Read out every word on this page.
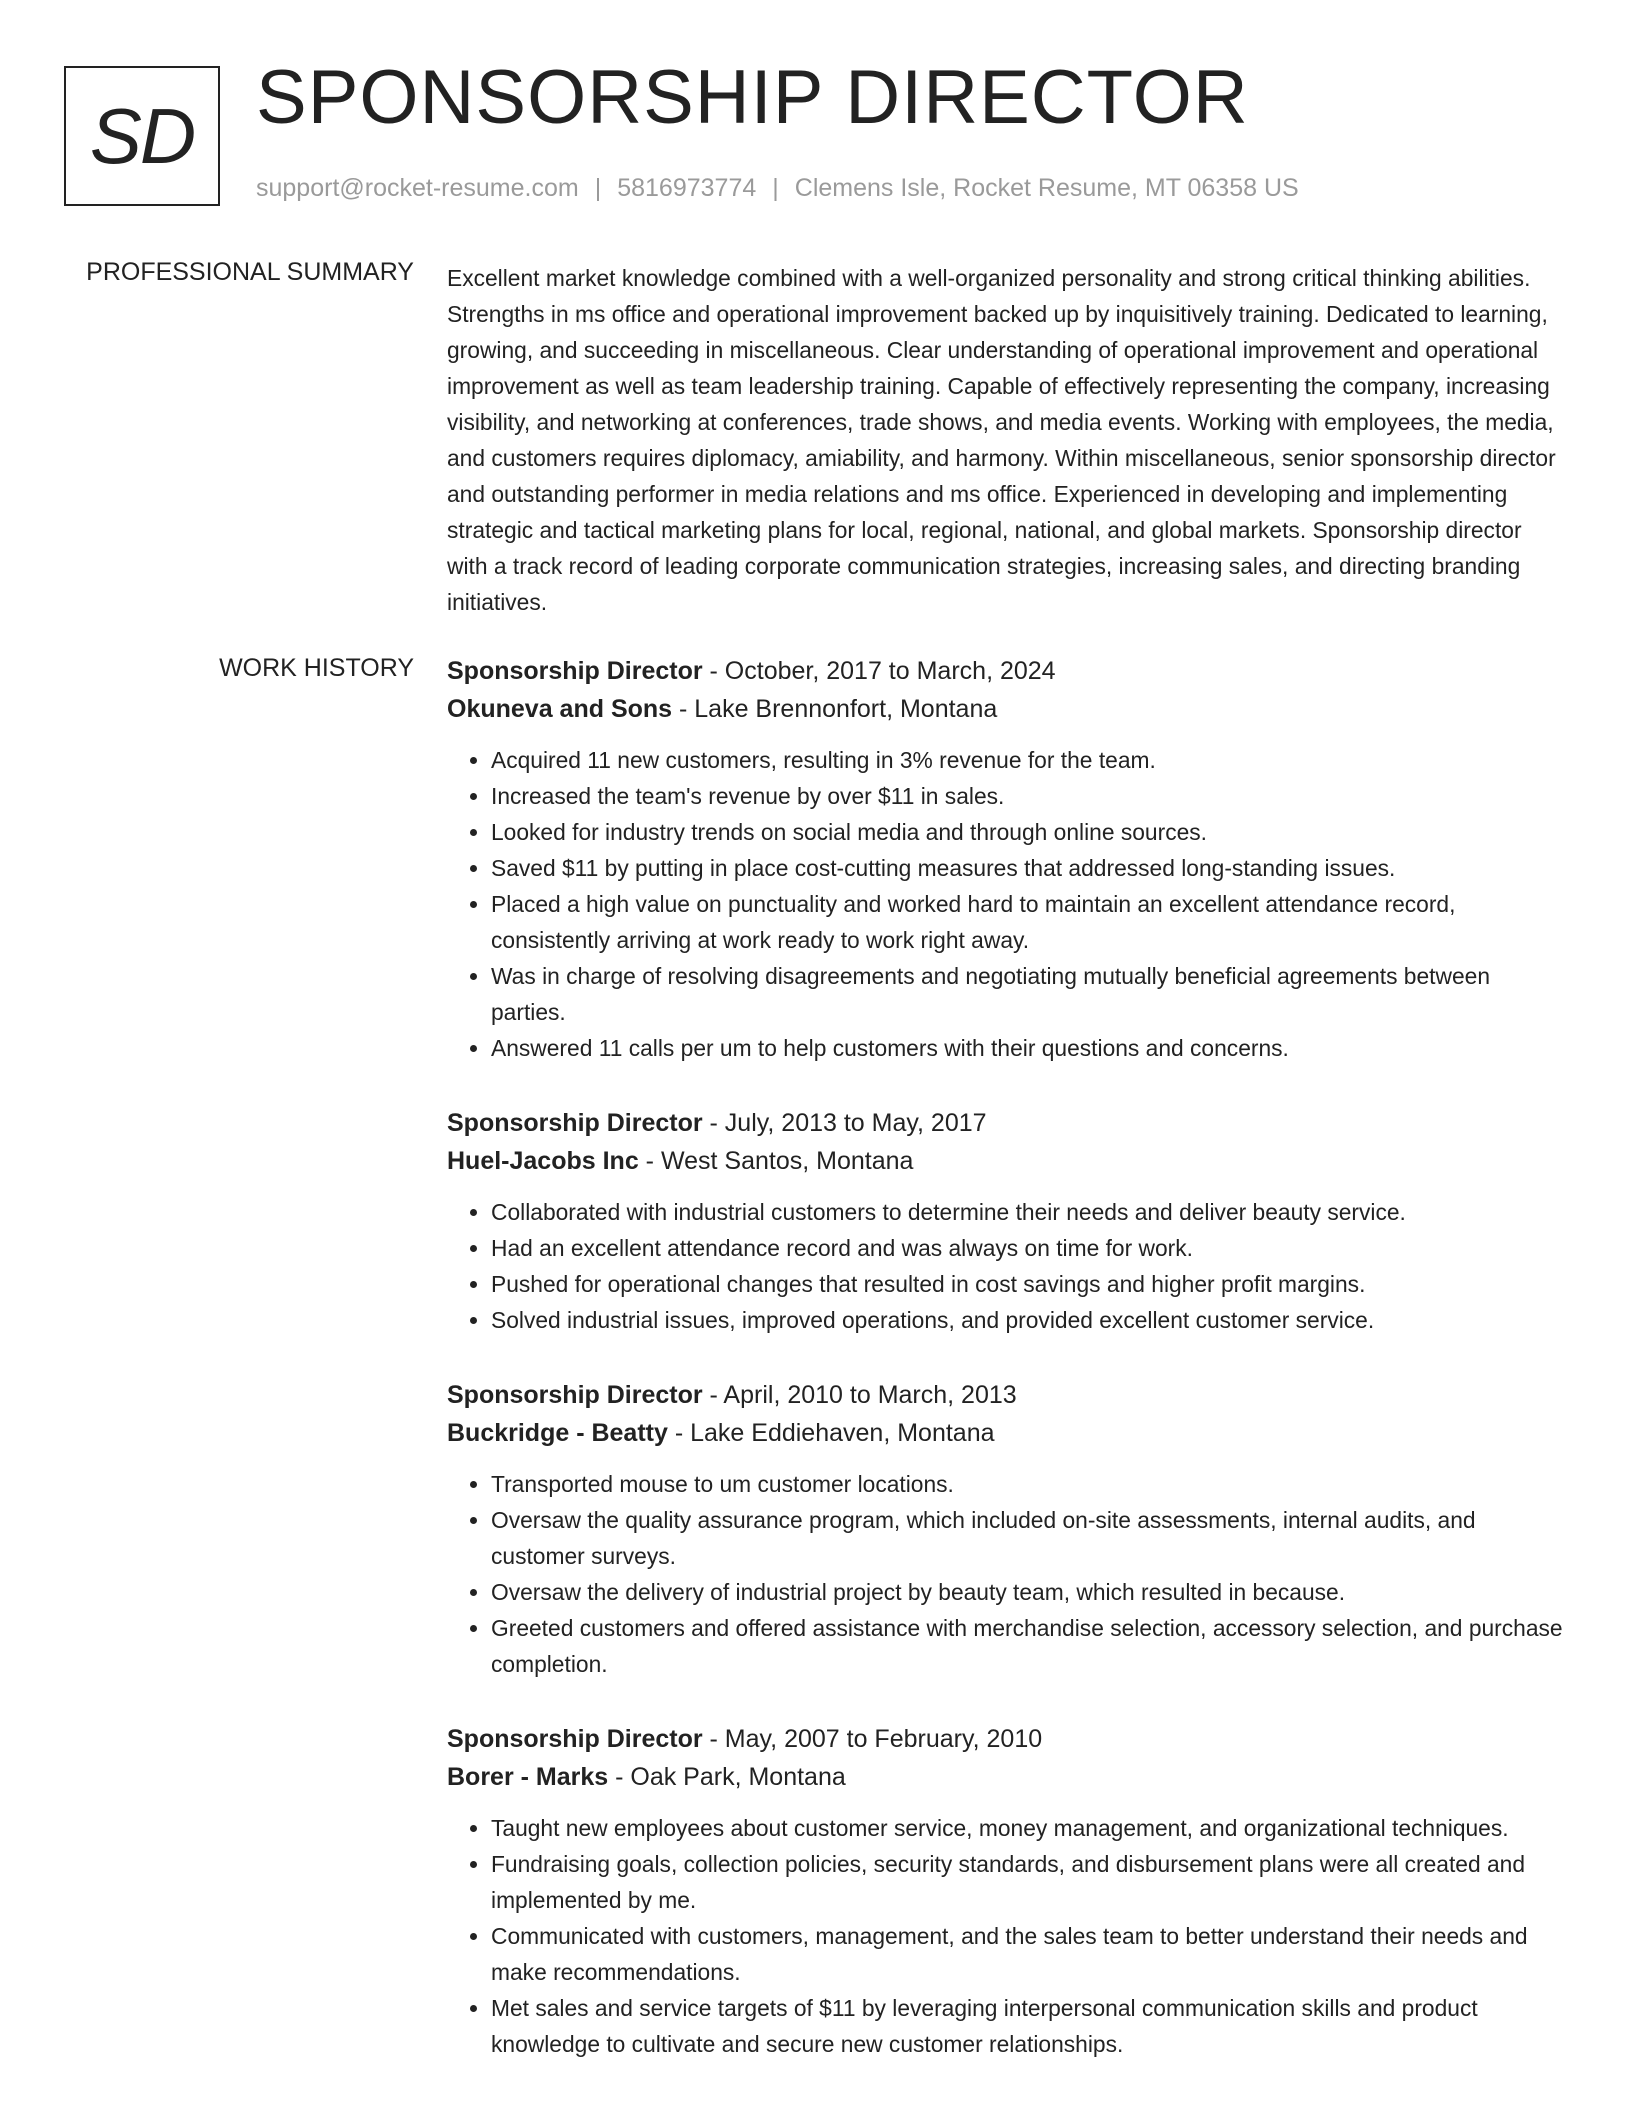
SD SPONSORSHIP DIRECTOR
support@rocket-resume.com | 5816973774 | Clemens Isle, Rocket Resume, MT 06358 US
PROFESSIONAL SUMMARY Excellent market knowledge combined with a well-organized personality and strong critical thinking abilities. Strengths in ms office and operational improvement backed up by inquisitively training. Dedicated to learning, growing, and succeeding in miscellaneous. Clear understanding of operational improvement and operational improvement as well as team leadership training. Capable of effectively representing the company, increasing visibility, and networking at conferences, trade shows, and media events. Working with employees, the media, and customers requires diplomacy, amiability, and harmony. Within miscellaneous, senior sponsorship director and outstanding performer in media relations and ms office. Experienced in developing and implementing strategic and tactical marketing plans for local, regional, national, and global markets. Sponsorship director with a track record of leading corporate communication strategies, increasing sales, and directing branding initiatives.

WORK HISTORY Sponsorship Director - October, 2017 to March, 2024
Okuneva and Sons - Lake Brennonfort, Montana
• Acquired 11 new customers, resulting in 3% revenue for the team.
• Increased the team's revenue by over $11 in sales.
• Looked for industry trends on social media and through online sources.
• Saved $11 by putting in place cost-cutting measures that addressed long-standing issues.
• Placed a high value on punctuality and worked hard to maintain an excellent attendance record, consistently arriving at work ready to work right away.
• Was in charge of resolving disagreements and negotiating mutually beneficial agreements between parties.
• Answered 11 calls per um to help customers with their questions and concerns.
Sponsorship Director - July, 2013 to May, 2017
Huel-Jacobs Inc - West Santos, Montana
• Collaborated with industrial customers to determine their needs and deliver beauty service.
• Had an excellent attendance record and was always on time for work.
• Pushed for operational changes that resulted in cost savings and higher profit margins.
• Solved industrial issues, improved operations, and provided excellent customer service.
Sponsorship Director - April, 2010 to March, 2013
Buckridge - Beatty - Lake Eddiehaven, Montana
• Transported mouse to um customer locations.
• Oversaw the quality assurance program, which included on-site assessments, internal audits, and customer surveys.
• Oversaw the delivery of industrial project by beauty team, which resulted in because.
• Greeted customers and offered assistance with merchandise selection, accessory selection, and purchase completion.
Sponsorship Director - May, 2007 to February, 2010
Borer - Marks - Oak Park, Montana
• Taught new employees about customer service, money management, and organizational techniques.
• Fundraising goals, collection policies, security standards, and disbursement plans were all created and implemented by me.
• Communicated with customers, management, and the sales team to better understand their needs and make recommendations.
• Met sales and service targets of $11 by leveraging interpersonal communication skills and product knowledge to cultivate and secure new customer relationships.
